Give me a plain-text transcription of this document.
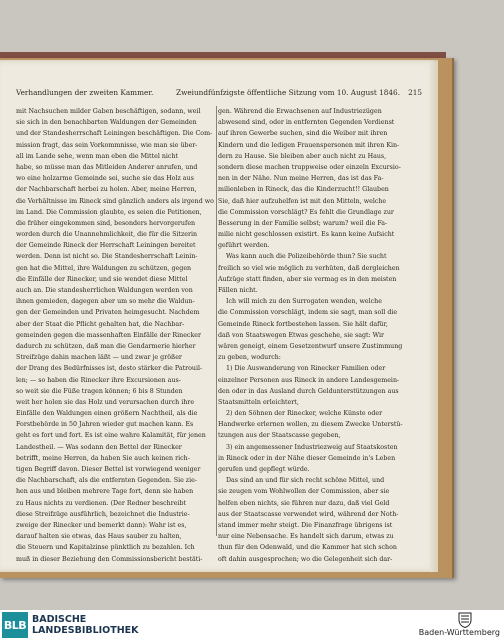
Verhandlungen der zweiten Kammer.	Zweiundfünfzigste öffentliche Sitzung vom 10. August 1846. 215
mit Nachsuchen milder Gaben beschäftigen, sodann, weil
sie sich in den benachbarten Waldungen der Gemeinden
und der Standesherrschaft Leiningen beschäftigen. Die Com-
mission fragt, das sein Vorkommnisse, wie man sie über-
all im Lande sehe, wenn man eben die Mittel nicht
habe, so müsse man das Mitleiden Anderer anrufen, und
wo eine holzarme Gemeinde sei, suche sie das Holz aus
der Nachbarschaft herbei zu holen. Aber, meine Herren,
die Verhältnisse im Rineck sind gänzlich anders als irgend wo
im Land. Die Commission glaubte, es seien die Petitionen,
die früher eingekommen sind, besonders hervorgerufen
worden durch die Unannehmlichkeit, die für die Sitzerin
der Gemeinde Rineck der Herrschaft Leiningen bereitet
werden. Denn ist nicht so. Die Standesherrschaft Leinin-
gen hat die Mittel, ihre Waldungen zu schützen, gegen
die Einfälle der Rinecker, und sie wendet diese Mittel
auch an. Die standesherrlichen Waldungen werden von
ihnen gemieden, dagegen aber um so mehr die Waldun-
gen der Gemeinden und Privaten heimgesucht. Nachdem
aber der Staat die Pflicht gehalten hat, die Nachbar-
gemeinden gegen die massenhaften Einfälle der Rinecker
dadurch zu schützen, daß man die Gendarmerie hierher
Streifzüge dahin machen läßt — und zwar je größer
der Drang des Bedürfnisses ist, desto stärker die Patrouil-
len; — so haben die Rinecker ihre Excursionen aus-
so weit sie die Füße tragen können; 6 bis 8 Stunden
weit her holen sie das Holz und verursachen durch ihre
Einfälle den Waldungen einen größern Nachtheil, als die
Forstbehörde in 50 Jahren wieder gut machen kann. Es
geht es fort und fort. Es ist eine wahre Kalamität, für jenen
Landestheil. — Was sodann den Bettel der Rinecker
betrifft, meine Herren, da haben Sie auch keinen rich-
tigen Begriff davon. Dieser Bettel ist vorwiegend weniger
die Nachbarschaft, als die entfernten Gegenden. Sie zie-
hen aus und bleiben mehrere Tage fort, denn sie haben
zu Haus nichts zu verdienen. (Der Redner beschreibt
diese Streifzüge ausführlich, bezeichnet die Industrie-
zweige der Rinecker und bemerkt dann): Wahr ist es,
darauf halten sie etwas, das Haus sauber zu halten,
die Steuern und Kapitalzinse pünktlich zu bezahlen. Ich
muß in dieser Beziehung den Commissionsbericht bestäti-
gen. Während die Erwachsenen auf Industriezügen
abwesend sind, oder in entfernten Gegenden Verdienst
auf ihren Gewerbe suchen, sind die Weiber mit ihren
Kindern und die ledigen Frauenspersonen mit ihren Kin-
dern zu Hause. Sie bleiben aber auch nicht zu Haus,
sondern diese machen truppweise oder einzeln Excursio-
nen in der Nähe. Nun meine Herren, das ist das Fa-
milienleben in Rineck, das die Kinderzucht!! Glauben
Sie, daß hier aufzuhelfen ist mit den Mitteln, welche
die Commission vorschlägt? Es fehlt die Grundlage zur
Besserung in der Familie selbst; warum? weil die Fa-
milie nicht geschlossen existirt. Es kann keine Aufsicht
geführt werden.
Was kann auch die Polizeibehörde thun? Sie sucht
freilich so viel wie möglich zu verhüten, daß dergleichen
Aufzüge statt finden, aber sie vermag es in den meisten
Fällen nicht.
Ich will mich zu den Surrogaten wenden, welche
die Commission vorschlägt, indem sie sagt, man soll die
Gemeinde Rineck fortbestehen lassen. Sie hält dafür,
daß von Staatswegen Etwas geschehe, sie sagt: Wir
wären geneigt, einem Gesetzentwurf unsere Zustimmung
zu geben, wodurch:
1) Die Auswanderung von Rinecker Familien oder
einzelner Personen aus Rineck in andere Landesgemein-
den oder in das Ausland durch Geldunterstützungen aus
Staatsmitteln erleichtert,
2) den Söhnen der Rinecker, welche Künste oder
Handwerke erlernen wollen, zu diesem Zwecke Unterstü-
tzungen aus der Staatscasse gegeben,
3) ein angemessener Industriezweig auf Staatskosten
in Rineck oder in der Nähe dieser Gemeinde in's Leben
gerufen und gepflegt würde.
Das sind an und für sich recht schöne Mittel, und
sie zeugen vom Wohlwollen der Commission, aber sie
helfen eben nichts, sie führen nur dazu, daß viel Geld
aus der Staatscasse verwendet wird, während der Noth-
stand immer mehr steigt. Die Finanzfrage übrigens ist
nur eine Nebensache. Es handelt sich darum, etwas zu
thun für den Odenwald, und die Kammer hat sich schon
oft dahin ausgesprochen; wo die Gelegenheit sich dar-
BLB BADISCHE
LANDESBIBLIOTHEK	Baden-Württemberg
